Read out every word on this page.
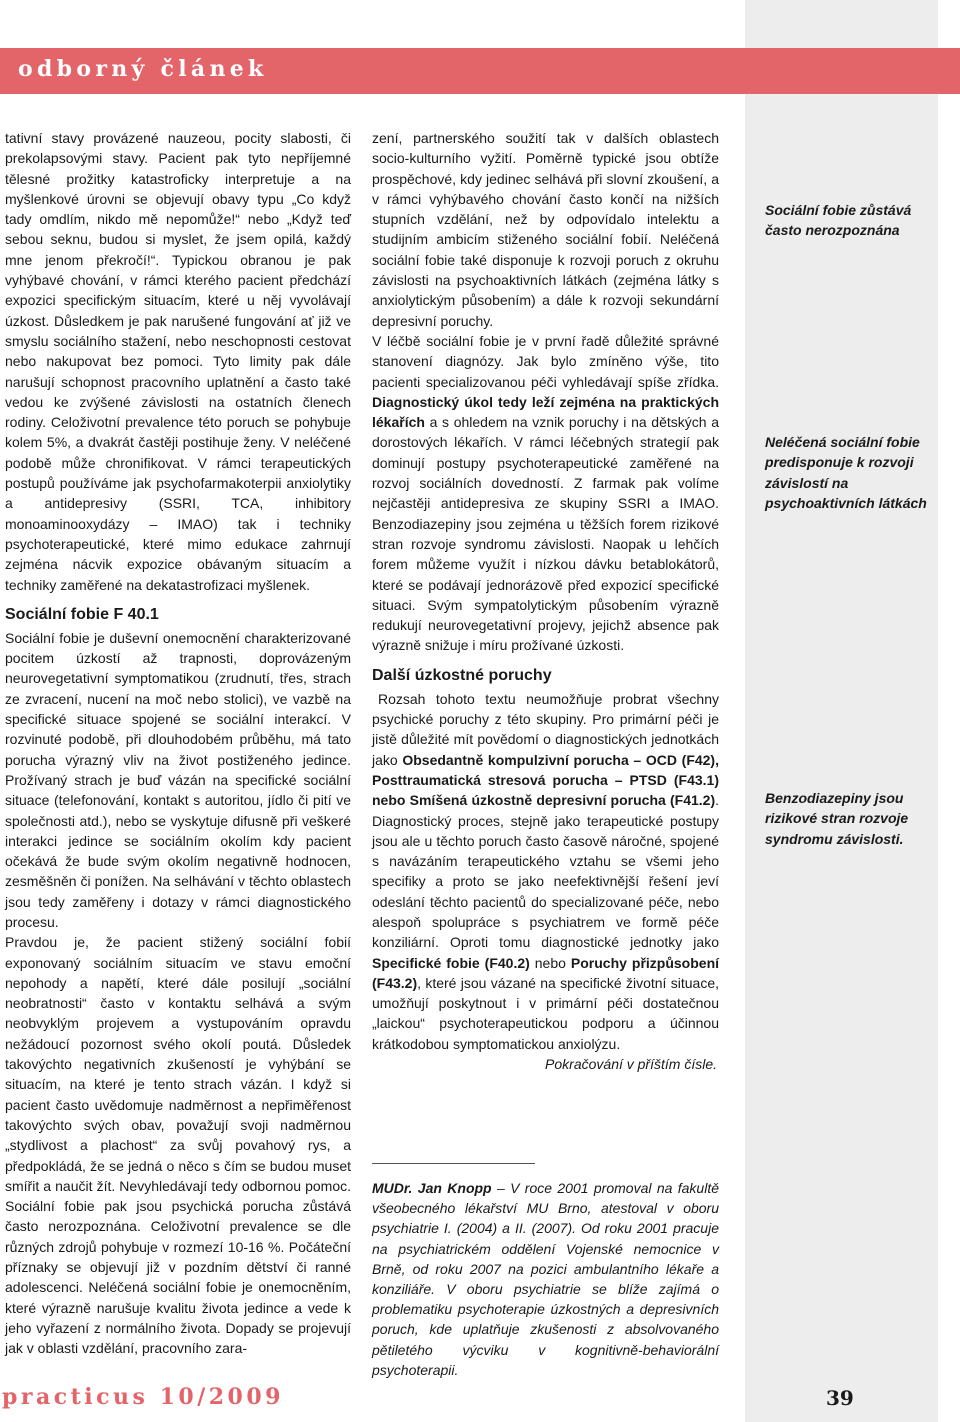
odborný článek

tativní stavy provázené nauzeou, pocity slabosti, či prekolapsovými stavy. Pacient pak tyto nepříjemné tělesné prožitky katastroficky interpretuje a na myšlenkové úrovni se objevují obavy typu „Co když tady omdlím, nikdo mě nepomůže!“ nebo „Když teď sebou seknu, budou si myslet, že jsem opilá, každý mne jenom překročí!“. Typickou obranou je pak vyhýbavé chování, v rámci kterého pacient předchází expozici specifickým situacím, které u něj vyvolávají úzkost. Důsledkem je pak narušené fungování ať již ve smyslu sociálního stažení, nebo neschopnosti cestovat nebo nakupovat bez pomoci. Tyto limity pak dále narušují schopnost pracovního uplatnění a často také vedou ke zvýšené závislosti na ostatních členech rodiny. Celoživotní prevalence této poruch se pohybuje kolem 5%, a dvakrát častěji postihuje ženy. V neléčené podobě může chronifikovat. V rámci terapeutických postupů používáme jak psychofarmakoterpii anxiolytiky a antidepresivy (SSRI, TCA, inhibitory monoaminooxydázy – IMAO) tak i techniky psychoterapeutické, které mimo edukace zahrnují zejména nácvik expozice obávaným situacím a techniky zaměřené na dekatastrofizaci myšlenek.

Sociální fobie F 40.1

Sociální fobie je duševní onemocnění charakterizované pocitem úzkostí až trapnosti, doprovázeným neurovegetativní symptomatikou (zrudnutí, třes, strach ze zvracení, nucení na moč nebo stolici), ve vazbě na specifické situace spojené se sociální interakcí. V rozvinuté podobě, při dlouhodobém průběhu, má tato porucha výrazný vliv na život postiženého jedince. Prožívaný strach je buď vázán na specifické sociální situace (telefonování, kontakt s autoritou, jídlo či pití ve společnosti atd.), nebo se vyskytuje difusně při veškeré interakci jedince se sociálním okolím kdy pacient očekává že bude svým okolím negativně hodnocen, zesměšněn či ponížen. Na selhávání v těchto oblastech jsou tedy zaměřeny i dotazy v rámci diagnostického procesu.

Pravdou je, že pacient stižený sociální fobií exponovaný sociálním situacím ve stavu emoční nepohody a napětí, které dále posilují „sociální neobratnosti“ často v kontaktu selhává a svým neobvyklým projevem a vystupováním opravdu nežádoucí pozornost svého okolí poutá. Důsledek takovýchto negativních zkušeností je vyhýbání se situacím, na které je tento strach vázán. I když si pacient často uvědomuje nadměrnost a nepřiměřenost takovýchto svých obav, považují svoji nadměrnou „stydlivost a plachost“ za svůj povahový rys, a předpokládá, že se jedná o něco s čím se budou muset smířit a naučit žít. Nevyhledávají tedy odbornou pomoc. Sociální fobie pak jsou psychická porucha zůstává často nerozpoznána. Celoživotní prevalence se dle různých zdrojů pohybuje v rozmezí 10-16 %. Počáteční příznaky se objevují již v pozdním dětství či ranné adolescenci. Neléčená sociální fobie je onemocněním, které výrazně narušuje kvalitu života jedince a vede k jeho vyřazení z normálního života. Dopady se projevují jak v oblasti vzdělání, pracovního zara-

zení, partnerského soužití tak v dalších oblastech socio-kulturního vyžití. Poměrně typické jsou obtíže prospěchové, kdy jedinec selhává při slovní zkoušení, a v rámci vyhýbavého chování často končí na nižších stupních vzdělání, než by odpovídalo intelektu a studijním ambicím stiženého sociální fobií. Neléčená sociální fobie také disponuje k rozvoji poruch z okruhu závislosti na psychoaktivních látkách (zejména látky s anxiolytickým působením) a dále k rozvoji sekundární depresivní poruchy.

V léčbě sociální fobie je v první řadě důležité správné stanovení diagnózy. Jak bylo zmíněno výše, tito pacienti specializovanou péči vyhledávají spíše zřídka. Diagnostický úkol tedy leží zejména na praktických lékařích a s ohledem na vznik poruchy i na dětských a dorostových lékařích. V rámci léčebných strategií pak dominují postupy psychoterapeutické zaměřené na rozvoj sociálních dovedností. Z farmak pak volíme nejčastěji antidepresiva ze skupiny SSRI a IMAO. Benzodiazepiny jsou zejména u těžších forem rizikové stran rozvoje syndromu závislosti. Naopak u lehčích forem můžeme využít i nízkou dávku betablokátorů, které se podávají jednorázově před expozicí specifické situaci. Svým sympatolytickým působením výrazně redukují neurovegetativní projevy, jejichž absence pak výrazně snižuje i míru prožívané úzkosti.

Další úzkostné poruchy

Rozsah tohoto textu neumožňuje probrat všechny psychické poruchy z této skupiny. Pro primární péči je jistě důležité mít povědomí o diagnostických jednotkách jako Obsedantně kompulzivní porucha – OCD (F42), Posttraumatická stresová porucha – PTSD (F43.1) nebo Smíšená úzkostně depresivní porucha (F41.2). Diagnostický proces, stejně jako terapeutické postupy jsou ale u těchto poruch často časově náročné, spojené s navázáním terapeutického vztahu se všemi jeho specifiky a proto se jako neefektivnější řešení jeví odeslání těchto pacientů do specializované péče, nebo alespoň spolupráce s psychiatrem ve formě péče konziliární. Oproti tomu diagnostické jednotky jako Specifické fobie (F40.2) nebo Poruchy přizpůsobení (F43.2), které jsou vázané na specifické životní situace, umožňují poskytnout i v primární péči dostatečnou „laickou“ psychoterapeutickou podporu a účinnou krátkodobou symptomatickou anxiolýzu.

Pokračování v příštím čísle.

MUDr. Jan Knopp – V roce 2001 promoval na fakultě všeobecného lékařství MU Brno, atestoval v oboru psychiatrie I. (2004) a II. (2007). Od roku 2001 pracuje na psychiatrickém oddělení Vojenské nemocnice v Brně, od roku 2007 na pozici ambulantního lékaře a konziliáře. V oboru psychiatrie se blíže zajímá o problematiku psychoterapie úzkostných a depresivních poruch, kde uplatňuje zkušenosti z absolvovaného pětiletého výcviku v kognitivně-behaviorální psychoterapii.
Sociální fobie zůstává často nerozpoznána
Neléčená sociální fobie predisponuje k rozvoji závislostí na psychoaktivních látkách
Benzodiazepiny jsou rizikové stran rozvoje syndromu závislosti.
practicus 10/2009	39
